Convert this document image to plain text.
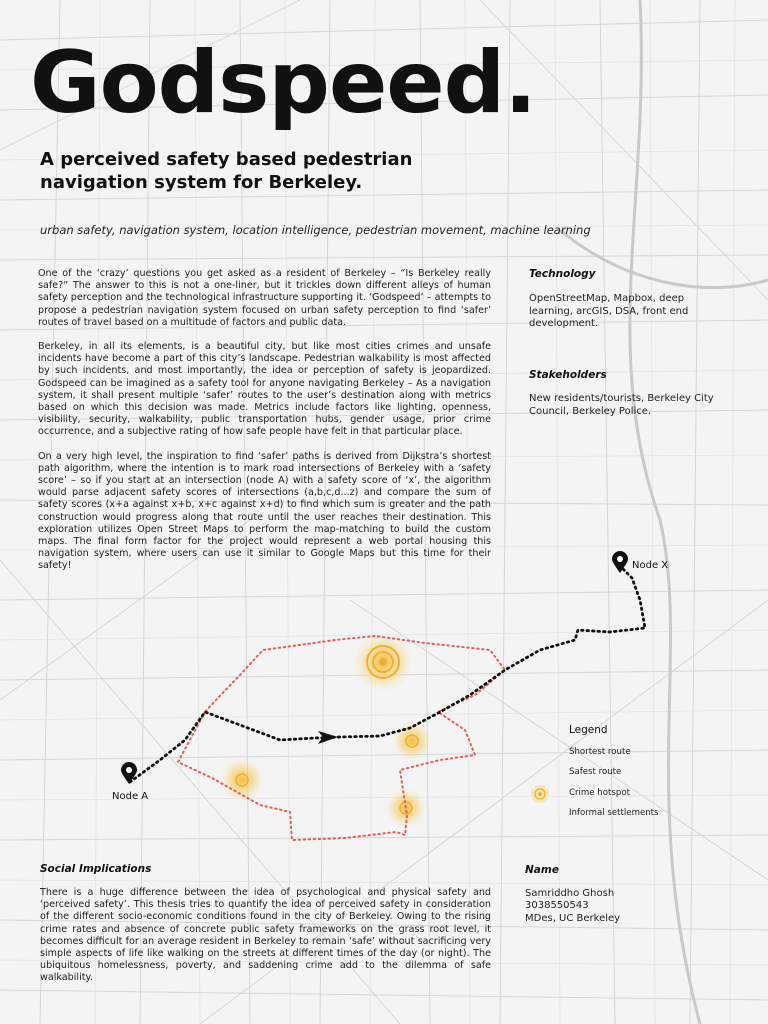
Godspeed.
A perceived safety based pedestrian navigation system for Berkeley.
urban safety, navigation system, location intelligence, pedestrian movement, machine learning

One of the ‘crazy’ questions you get asked as a resident of Berkeley – “Is Berkeley really safe?” The answer to this is not a one-liner, but it trickles down different alleys of human safety perception and the technological infrastructure supporting it. ‘Godspeed’ – attempts to propose a pedestrian navigation system focused on urban safety perception to find ‘safer’ routes of travel based on a multitude of factors and public data.

Berkeley, in all its elements, is a beautiful city, but like most cities crimes and unsafe incidents have become a part of this city’s landscape. Pedestrian walkability is most affected by such incidents, and most importantly, the idea or perception of safety is jeopardized. Godspeed can be imagined as a safety tool for anyone navigating Berkeley – As a navigation system, it shall present multiple ‘safer’ routes to the user’s destination along with metrics based on which this decision was made. Metrics include factors like lighting, openness, visibility, security, walkability, public transportation hubs, gender usage, prior crime occurrence, and a subjective rating of how safe people have felt in that particular place.

On a very high level, the inspiration to find ‘safer’ paths is derived from Dijkstra’s shortest path algorithm, where the intention is to mark road intersections of Berkeley with a ‘safety score’ – so if you start at an intersection (node A) with a safety score of ‘x’, the algorithm would parse adjacent safety scores of intersections (a,b,c,d...z) and compare the sum of safety scores (x+a against x+b, x+c against x+d) to find which sum is greater and the path construction would progress along that route until the user reaches their destination. This exploration utilizes Open Street Maps to perform the map-matching to build the custom maps. The final form factor for the project would represent a web portal housing this navigation system, where users can use it similar to Google Maps but this time for their safety!

Technology
OpenStreetMap, Mapbox, deep learning, arcGIS, DSA, front end development.
Stakeholders
New residents/tourists, Berkeley City Council, Berkeley Police.
Node A
Node X
Legend
Shortest route
Safest route
Crime hotspot
Informal settlements
Social Implications

There is a huge difference between the idea of psychological and physical safety and ‘perceived safety’. This thesis tries to quantify the idea of perceived safety in consideration of the different socio-economic conditions found in the city of Berkeley. Owing to the rising crime rates and absence of concrete public safety frameworks on the grass root level, it becomes difficult for an average resident in Berkeley to remain ‘safe’ without sacrificing very simple aspects of life like walking on the streets at different times of the day (or night). The ubiquitous homelessness, poverty, and saddening crime add to the dilemma of safe walkability.

Name
Samriddho Ghosh
3038550543
MDes, UC Berkeley
